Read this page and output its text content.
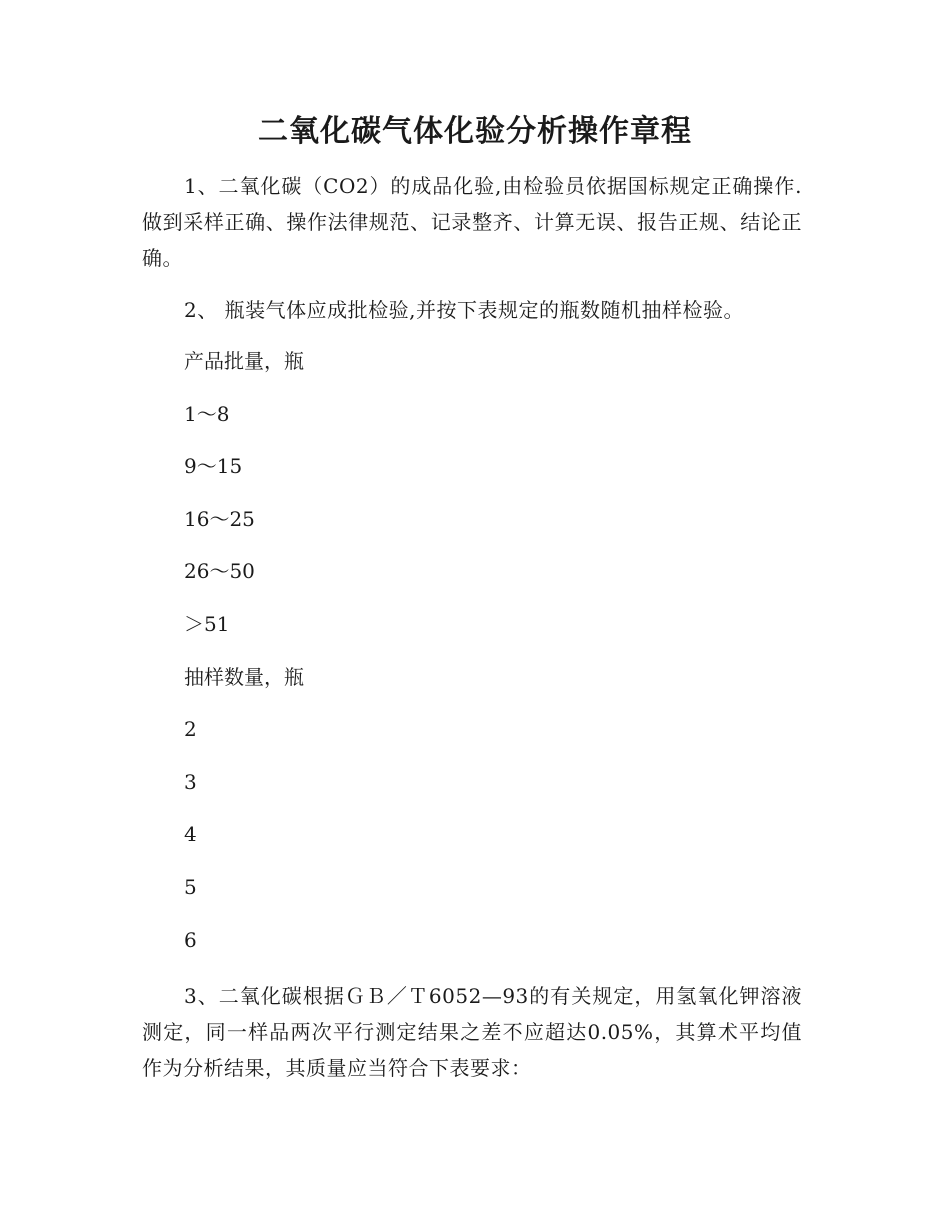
二氧化碳气体化验分析操作章程

1、二氧化碳（CO2）的成品化验,由检验员依据国标规定正确操作.做到采样正确、操作法律规范、记录整齐、计算无误、报告正规、结论正确。

2、 瓶装气体应成批检验,并按下表规定的瓶数随机抽样检验。

产品批量，瓶

1～8

9～15

16～25

26～50

＞51

抽样数量，瓶

2

3

4

5

6

3、二氧化碳根据ＧＢ／Ｔ6052—93的有关规定，用氢氧化钾溶液测定，同一样品两次平行测定结果之差不应超达0.05%，其算术平均值作为分析结果，其质量应当符合下表要求：
